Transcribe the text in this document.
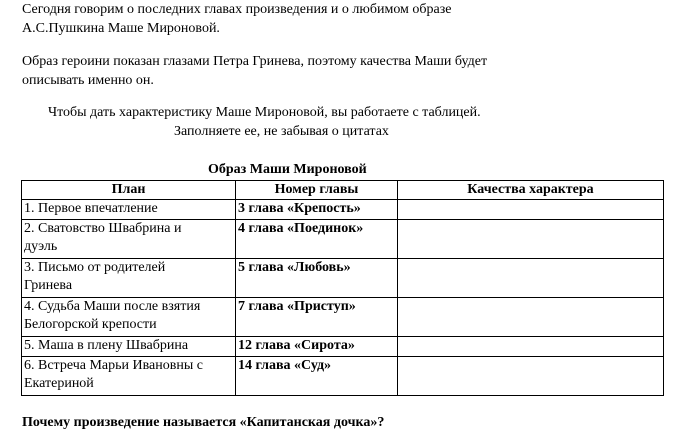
Сегодня говорим о последних главах произведения и о любимом образе
А.С.Пушкина Маше Мироновой.
Образ героини показан глазами Петра Гринева, поэтому качества Маши будет
описывать именно он.
Чтобы дать характеристику Маше Мироновой, вы работаете с таблицей.
Заполняете ее, не забывая о цитатах
Образ Маши Мироновой
План	Номер главы	Качества характера
1. Первое впечатление	3 глава «Крепость»	

2. Сватовство Швабрина и
дуэль	4 глава «Поединок»	

3. Письмо от родителей
Гринева	5 глава «Любовь»	

4. Судьба Маши после взятия
Белогорской крепости	7 глава «Приступ»	
5. Маша в плену Швабрина	12 глава «Сирота»	

6. Встреча Марьи Ивановны с
Екатериной	14 глава «Суд»	
Почему произведение называется «Капитанская дочка»?
